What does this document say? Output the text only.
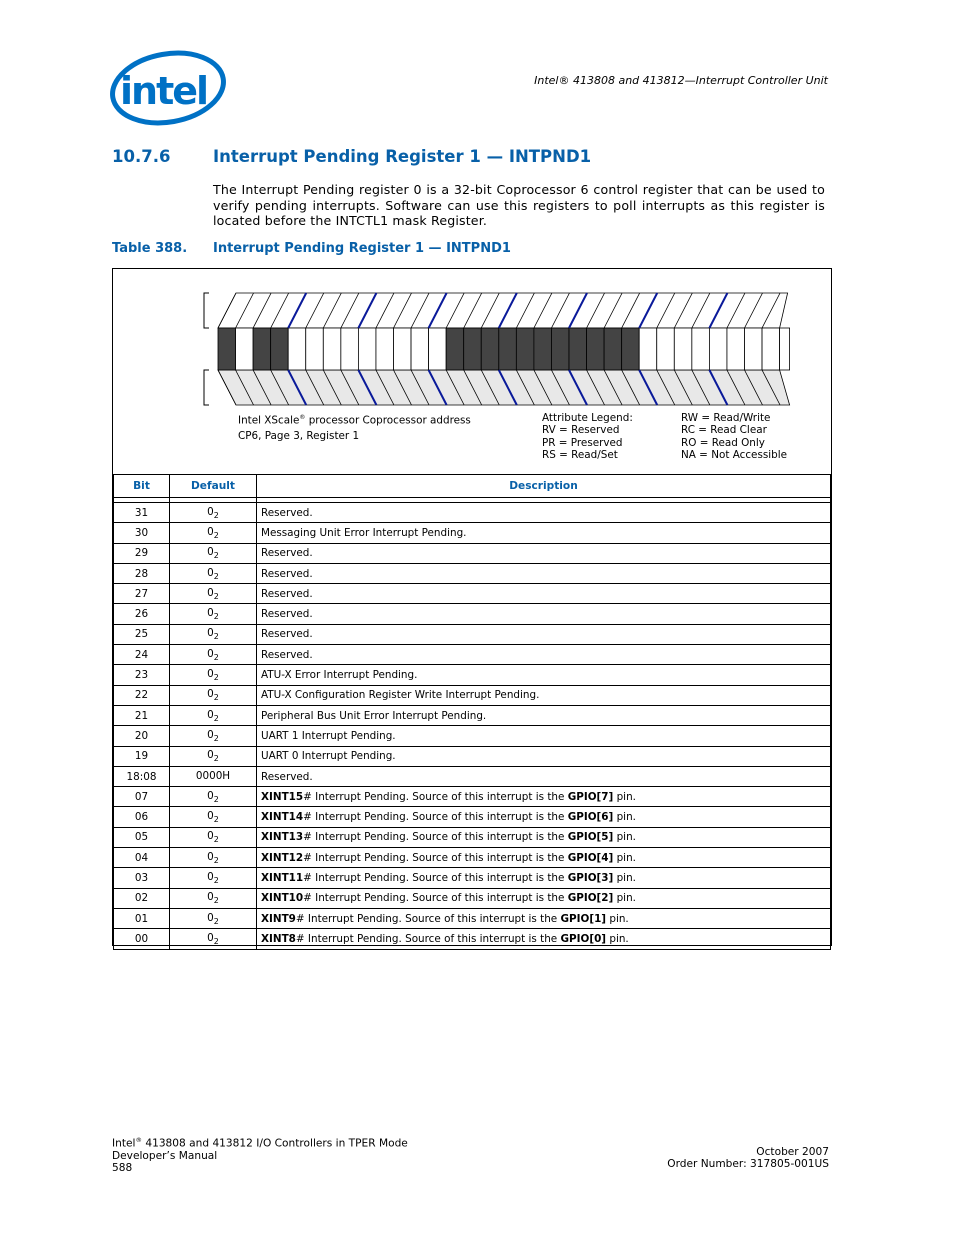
intel	Intel® 413808 and 413812—Interrupt Controller Unit
10.7.6	Interrupt Pending Register 1 — INTPND1
The Interrupt Pending register 0 is a 32-bit Coprocessor 6 control register that can be used to verify pending interrupts. Software can use this registers to poll interrupts as this register is located before the INTCTL1 mask Register.
Table 388. Interrupt Pending Register 1 — INTPND1
Intel XScale® processor Coprocessor address
CP6, Page 3, Register 1
Attribute Legend:
RV = Reserved
PR = Preserved
RS = Read/Set
RW = Read/Write
RC = Read Clear
RO = Read Only
NA = Not Accessible
Bit	Default	Description

31	$0_2$	Reserved.
30	$0_2$	Messaging Unit Error Interrupt Pending.
29	$0_2$	Reserved.
28	$0_2$	Reserved.
27	$0_2$	Reserved.
26	$0_2$	Reserved.
25	$0_2$	Reserved.
24	$0_2$	Reserved.
23	$0_2$	ATU-X Error Interrupt Pending.
22	$0_2$	ATU-X Configuration Register Write Interrupt Pending.
21	$0_2$	Peripheral Bus Unit Error Interrupt Pending.
20	$0_2$	UART 1 Interrupt Pending.
19	$0_2$	UART 0 Interrupt Pending.
18:08	0000H	Reserved.
07	$0_2$	XINT15# Interrupt Pending. Source of this interrupt is the GPIO[7] pin.
06	$0_2$	XINT14# Interrupt Pending. Source of this interrupt is the GPIO[6] pin.
05	$0_2$	XINT13# Interrupt Pending. Source of this interrupt is the GPIO[5] pin.
04	$0_2$	XINT12# Interrupt Pending. Source of this interrupt is the GPIO[4] pin.
03	$0_2$	XINT11# Interrupt Pending. Source of this interrupt is the GPIO[3] pin.
02	$0_2$	XINT10# Interrupt Pending. Source of this interrupt is the GPIO[2] pin.
01	$0_2$	XINT9# Interrupt Pending. Source of this interrupt is the GPIO[1] pin.
00	$0_2$	XINT8# Interrupt Pending. Source of this interrupt is the GPIO[0] pin.
Intel® 413808 and 413812 I/O Controllers in TPER Mode
Developer’s Manual
588
October 2007
Order Number: 317805-001US
